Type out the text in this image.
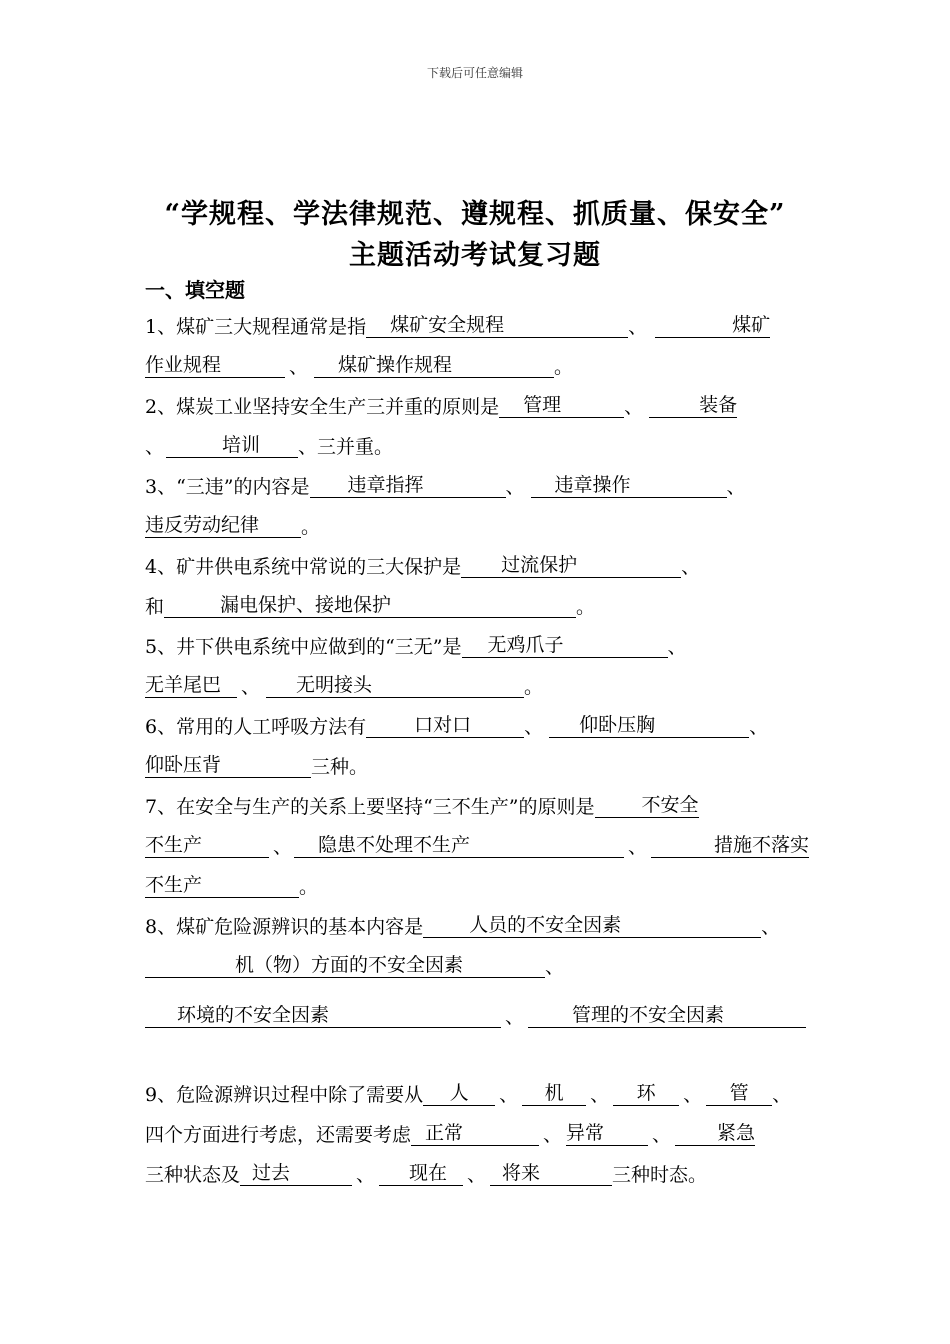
下载后可任意编辑
“学规程、学法律规范、遵规程、抓质量、保安全”
主题活动考试复习题
一、填空题
1、煤矿三大规程通常是指 煤矿安全规程	、	煤矿
作业规程	、 煤矿操作规程	。
2、煤炭工业坚持安全生产三并重的原则是 管理	、	装备
、	培训 、三并重。
3、“三违”的内容是 违章指挥	、 违章操作	、
违反劳动纪律 。
4、矿井供电系统中常说的三大保护是 过流保护	、
和	漏电保护、接地保护	。
5、井下供电系统中应做到的“三无”是 无鸡爪子	、
无羊尾巴 、 无明接头	。
6、常用的人工呼吸方法有	口对口	、 仰卧压胸	、
仰卧压背	三种。
7、在安全与生产的关系上要坚持“三不生产”的原则是 不安全
不生产	、 隐患不处理不生产	、	措施不落实
不生产	。
8、煤矿危险源辨识的基本内容是 人员的不安全因素	、
机（物）方面的不安全因素	、
环境的不安全因素	、	管理的不安全因素
9、危险源辨识过程中除了需要从 人 、 机 、 环 、 管 、
四个方面进行考虑，还需要考虑 正常	、 异常	、 紧急
三种状态及 过去	、 现在 、 将来	三种时态。
